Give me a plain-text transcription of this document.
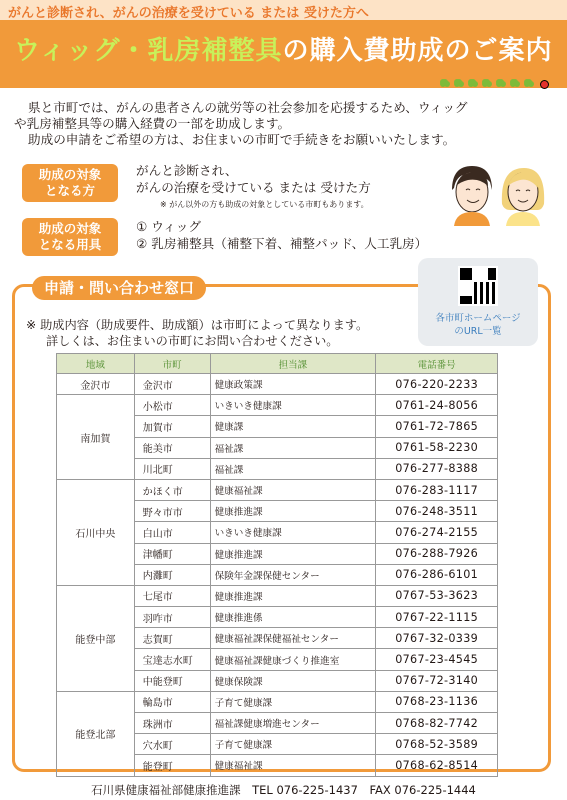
がんと診断され、がんの治療を受けている または 受けた方へ
ウィッグ・乳房補整具の購入費助成のご案内
県と市町では、がんの患者さんの就労等の社会参加を応援するため、ウィッグ
や乳房補整具等の購入経費の一部を助成します。
助成の申請をご希望の方は、お住まいの市町で手続きをお願いいたします。
助成の対象
となる方
がんと診断され、
がんの治療を受けている または 受けた方
※ がん以外の方も助成の対象としている市町もあります。
助成の対象
となる用具
① ウィッグ
② 乳房補整具（補整下着、補整パッド、人工乳房）
申請・問い合わせ窓口
各市町ホームページ
のURL一覧
※ 助成内容（助成要件、助成額）は市町によって異なります。
詳しくは、お住まいの市町にお問い合わせください。
地域	市町	担当課	電話番号
金沢市	金沢市	健康政策課	076-220-2233
南加賀	小松市	いきいき健康課	0761-24-8056
	加賀市	健康課	0761-72-7865
	能美市	福祉課	0761-58-2230
	川北町	福祉課	076-277-8388
石川中央	かほく市	健康福祉課	076-283-1117
	野々市市	健康推進課	076-248-3511
	白山市	いきいき健康課	076-274-2155
	津幡町	健康推進課	076-288-7926
	内灘町	保険年金課保健センター	076-286-6101
能登中部	七尾市	健康推進課	0767-53-3623
	羽咋市	健康推進係	0767-22-1115
	志賀町	健康福祉課保健福祉センター	0767-32-0339
	宝達志水町	健康福祉課健康づくり推進室	0767-23-4545
	中能登町	健康保険課	0767-72-3140
能登北部	輪島市	子育て健康課	0768-23-1136
	珠洲市	福祉課健康増進センター	0768-82-7742
	穴水町	子育て健康課	0768-52-3589
	能登町	健康福祉課	0768-62-8514
石川県健康福祉部健康推進課　TEL 076-225-1437　FAX 076-225-1444
